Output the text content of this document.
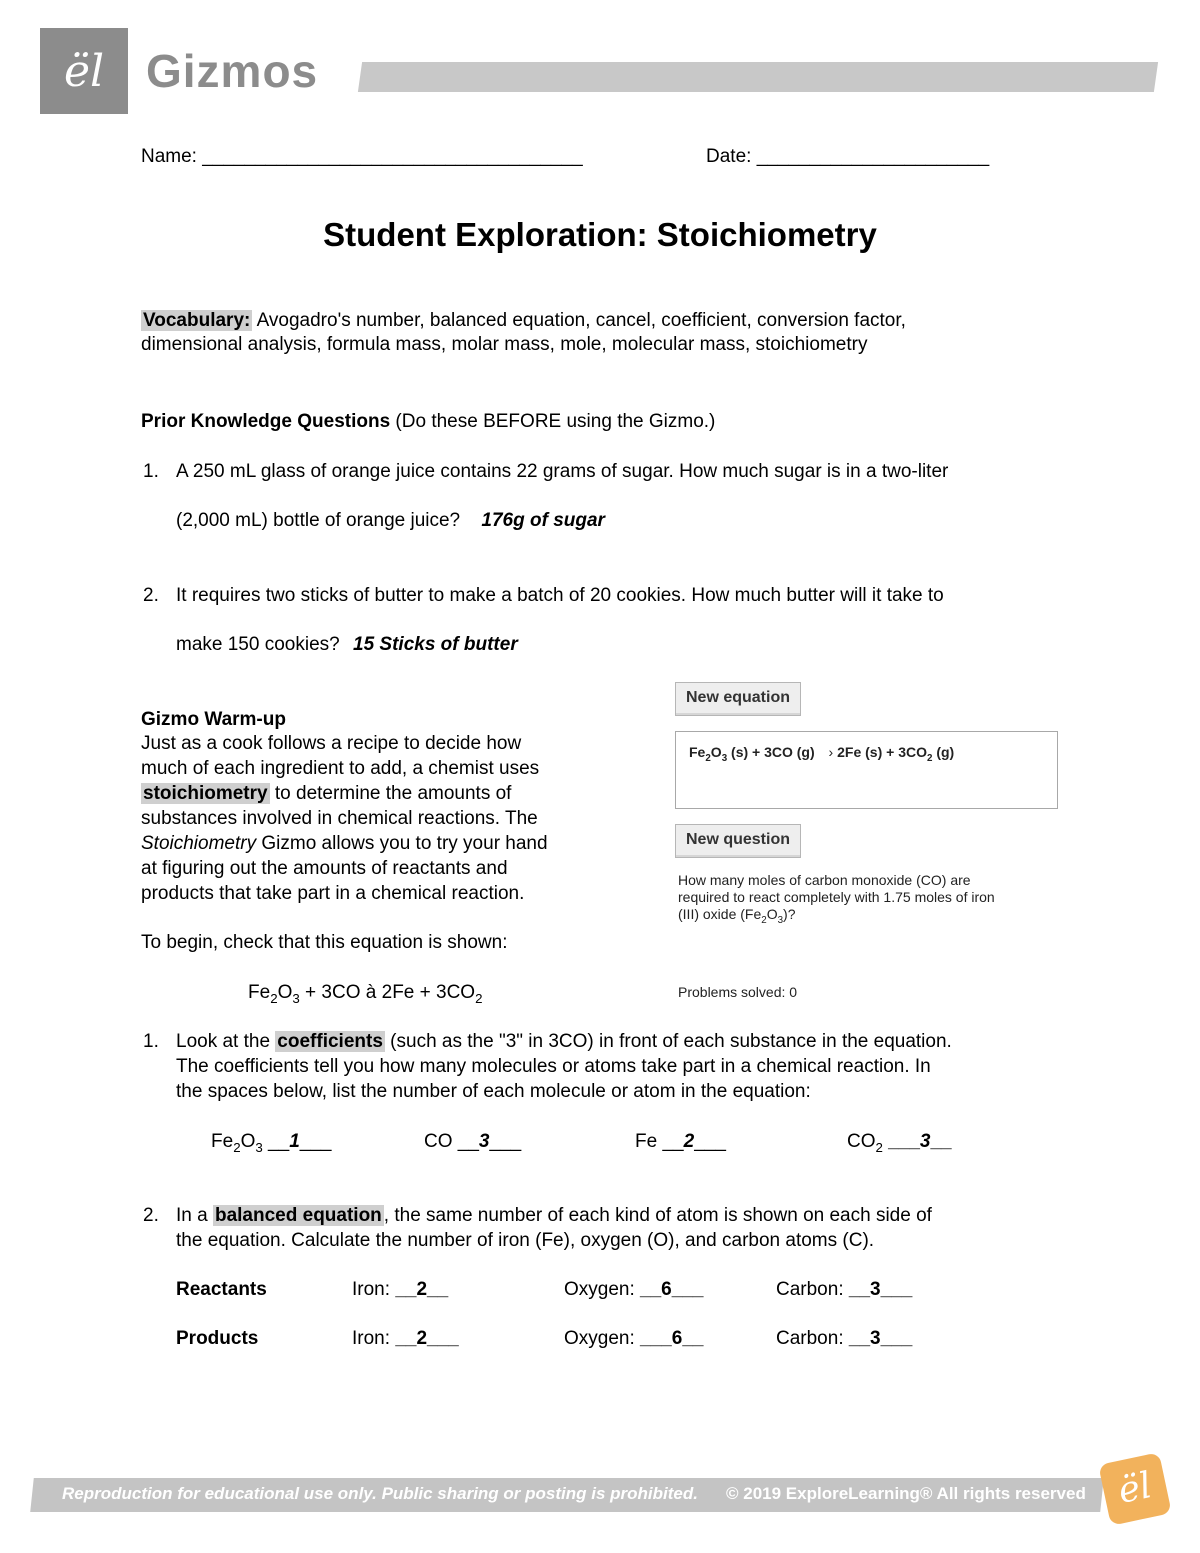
ël Gizmos
Name: ____________________________________	Date: ______________________
Student Exploration: Stoichiometry
Vocabulary: Avogadro's number, balanced equation, cancel, coefficient, conversion factor,
dimensional analysis, formula mass, molar mass, mole, molecular mass, stoichiometry
Prior Knowledge Questions (Do these BEFORE using the Gizmo.)
1. A 250 mL glass of orange juice contains 22 grams of sugar. How much sugar is in a two-liter
(2,000 mL) bottle of orange juice? 176g of sugar
2. It requires two sticks of butter to make a batch of 20 cookies. How much butter will it take to
make 150 cookies? 15 Sticks of butter
Gizmo Warm-up
Just as a cook follows a recipe to decide how
much of each ingredient to add, a chemist uses
stoichiometry to determine the amounts of
substances involved in chemical reactions. The
Stoichiometry Gizmo allows you to try your hand
at figuring out the amounts of reactants and
products that take part in a chemical reaction.
To begin, check that this equation is shown:
$Fe_2O_3 + 3CO$ à $2Fe + 3CO_2$
New equation
$Fe_2O_3$ (s) + 3CO (g) › 2Fe $(s) + 3CO_2$ (g)
New question
How many moles of carbon monoxide (CO) are
required to react completely with 1.75 moles of iron
(III) oxide $(Fe_2O_3)$?
Problems solved: 0
1. Look at the coefficients (such as the "3" in 3CO) in front of each substance in the equation.
The coefficients tell you how many molecules or atoms take part in a chemical reaction. In
the spaces below, list the number of each molecule or atom in the equation:
$Fe_2O_3$ __1___	CO __3___	Fe __2___	$CO_2$ ___3__
2. In a balanced equation , the same number of each kind of atom is shown on each side of
the equation. Calculate the number of iron (Fe), oxygen (O), and carbon atoms (C).
Reactants	Iron: __2__	Oxygen: __6___	Carbon: __3___
Products	Iron: __2___	Oxygen: ___6__	Carbon: __3___
Reproduction for educational use only. Public sharing or posting is prohibited. © 2019 ExploreLearning® All rights reserved ël
